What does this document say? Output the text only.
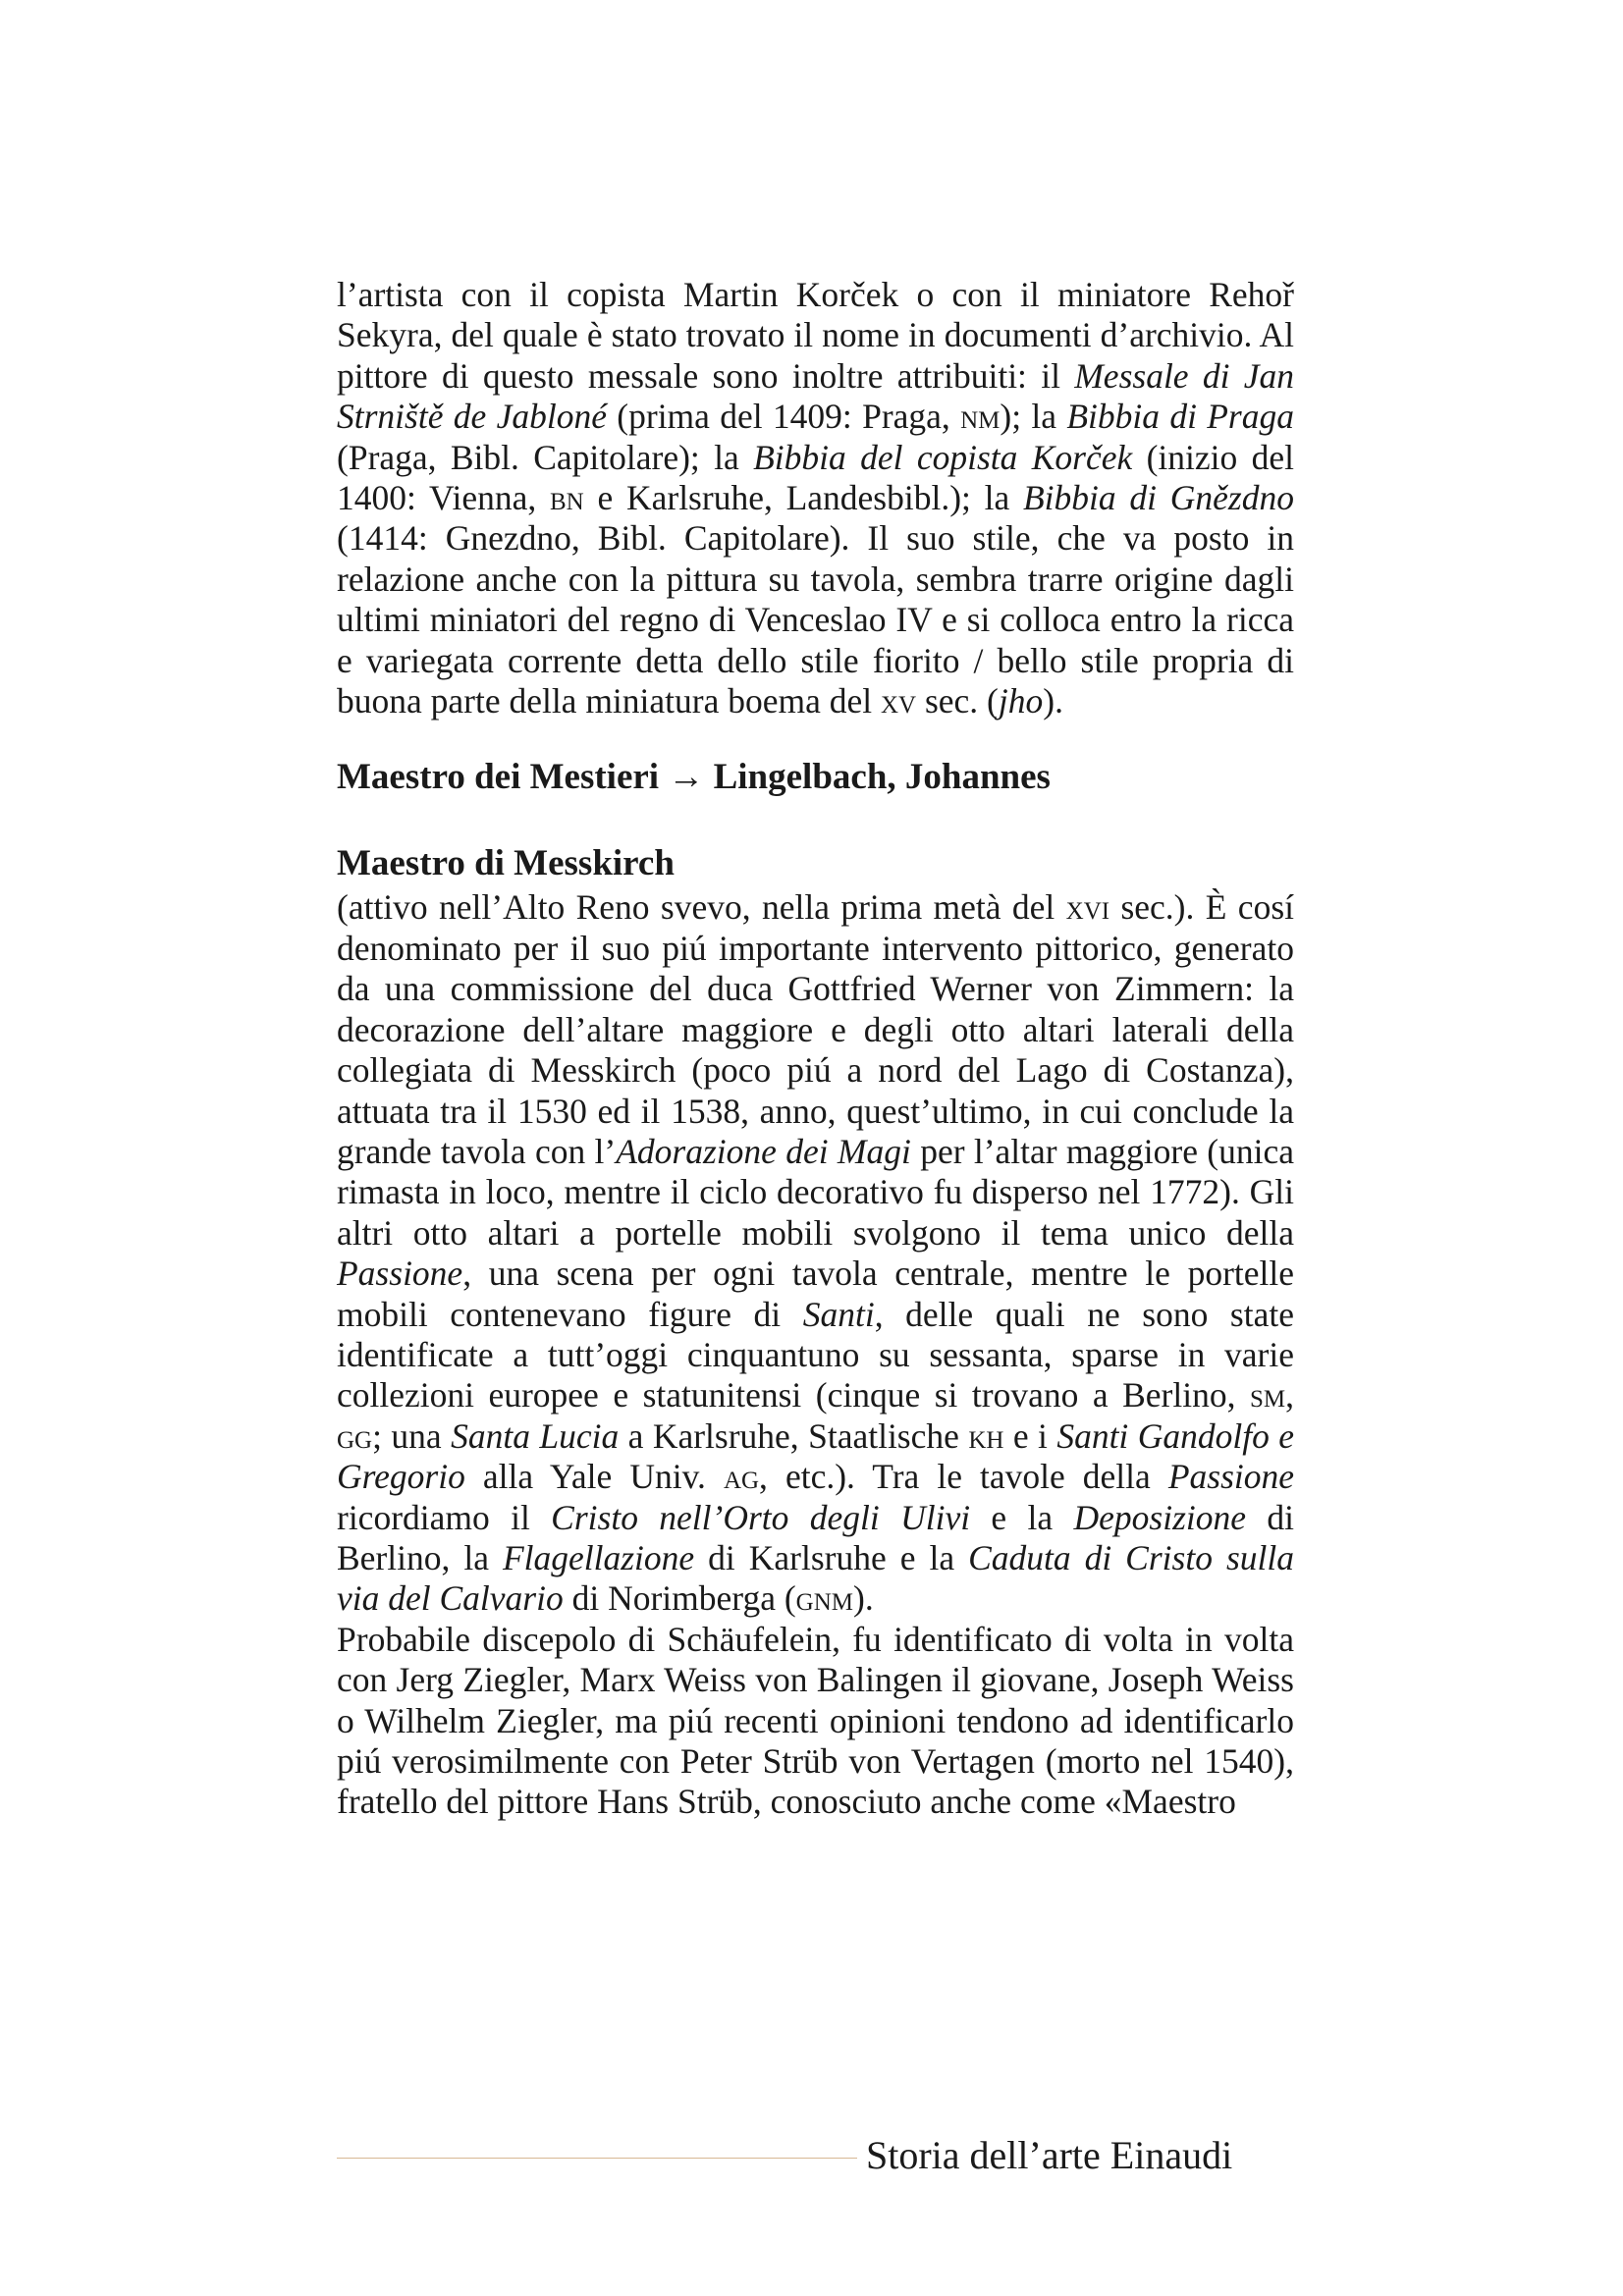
l’artista con il copista Martin Korček o con il miniatore Rehoř Sekyra, del quale è stato trovato il nome in documenti d’archivio. Al pittore di questo messale sono inoltre attribuiti: il Messale di Jan Strniště de Jabloné (prima del 1409: Praga, nm); la Bibbia di Praga (Praga, Bibl. Capitolare); la Bibbia del copista Korček (inizio del 1400: Vienna, bn e Karlsruhe, Landesbibl.); la Bibbia di Gnězdno (1414: Gnezdno, Bibl. Capitolare). Il suo stile, che va posto in relazione anche con la pittura su tavola, sembra trarre origine dagli ultimi miniatori del regno di Venceslao IV e si colloca entro la ricca e variegata corrente detta dello stile fiorito / bello stile propria di buona parte della miniatura boema del xv sec. (jho).

Maestro dei Mestieri → Lingelbach, Johannes
Maestro di Messkirch

(attivo nell’Alto Reno svevo, nella prima metà del xvi sec.). È cosí denominato per il suo piú importante intervento pittorico, generato da una commissione del duca Gottfried Werner von Zimmern: la decorazione dell’altare maggiore e degli otto altari laterali della collegiata di Messkirch (poco piú a nord del Lago di Costanza), attuata tra il 1530 ed il 1538, anno, quest’ultimo, in cui conclude la grande tavola con l’Adorazione dei Magi per l’altar maggiore (unica rimasta in loco, mentre il ciclo decorativo fu disperso nel 1772). Gli altri otto altari a portelle mobili svolgono il tema unico della Passione, una scena per ogni tavola centrale, mentre le portelle mobili contenevano figure di Santi, delle quali ne sono state identificate a tutt’oggi cinquantuno su sessanta, sparse in varie collezioni europee e statunitensi (cinque si trovano a Berlino, sm, gg; una Santa Lucia a Karlsruhe, Staatlische kh e i Santi Gandolfo e Gregorio alla Yale Univ. ag, etc.). Tra le tavole della Passione ricordiamo il Cristo nell’Orto degli Ulivi e la Deposizione di Berlino, la Flagellazione di Karlsruhe e la Caduta di Cristo sulla via del Calvario di Norimberga (gnm).

Probabile discepolo di Schäufelein, fu identificato di volta in volta con Jerg Ziegler, Marx Weiss von Balingen il giovane, Joseph Weiss o Wilhelm Ziegler, ma piú recenti opinioni tendono ad identificarlo piú verosimilmente con Peter Strüb von Vertagen (morto nel 1540), fratello del pittore Hans Strüb, conosciuto anche come «Maestro

Storia dell’arte Einaudi
